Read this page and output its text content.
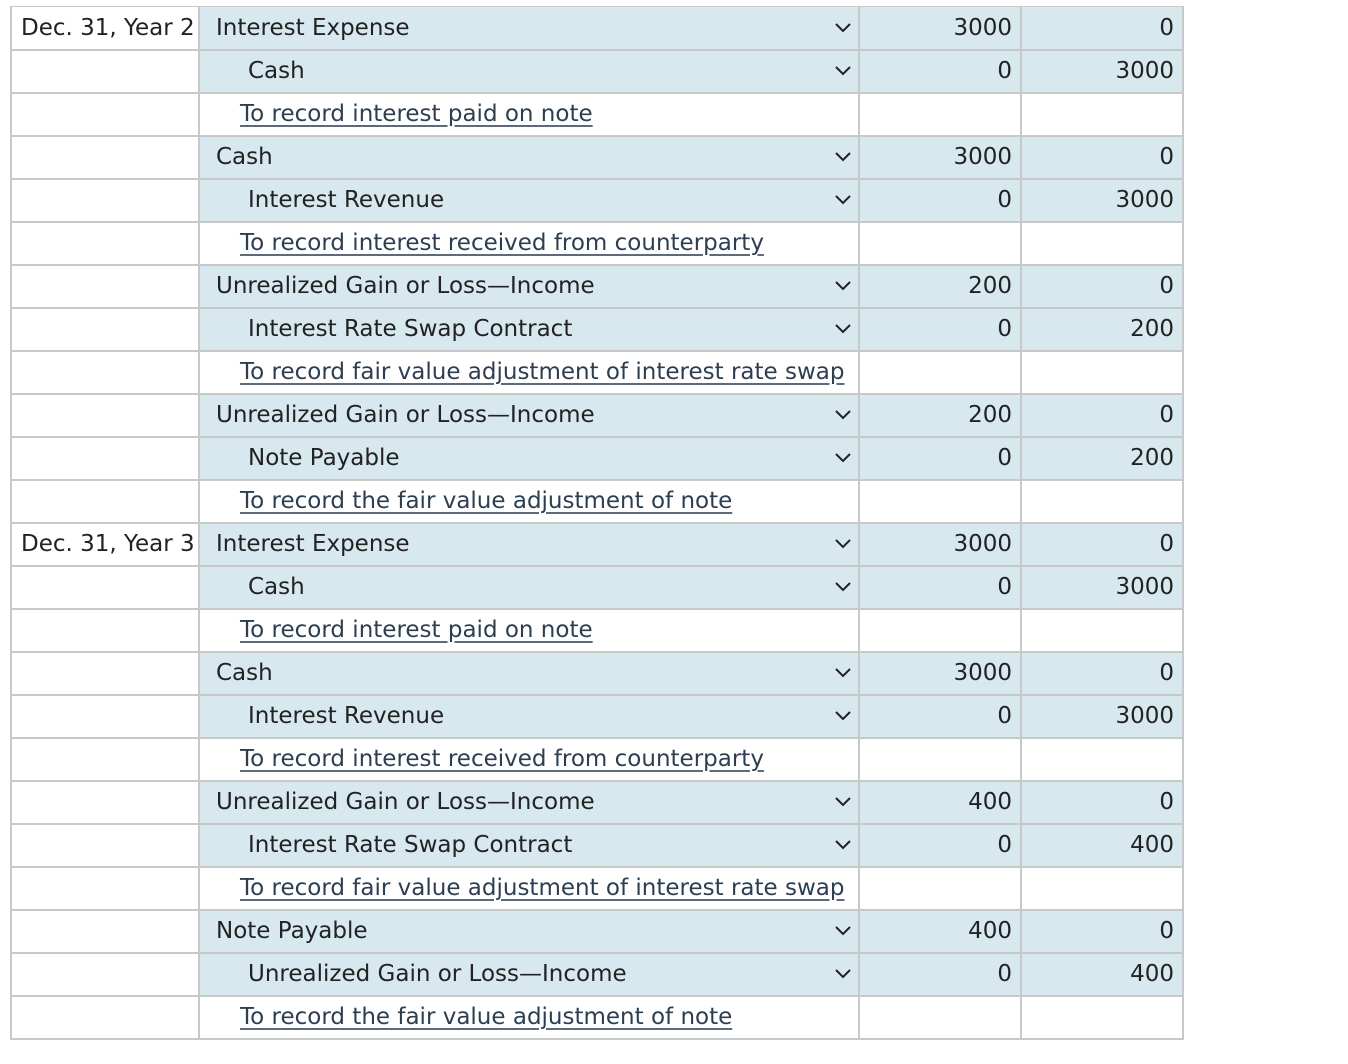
Dec. 31, Year 2	Interest Expense	3000	0

	Cash	0	3000
	To record interest paid on note		

	Cash	3000	0

	Interest Revenue	0	3000
	To record interest received from counterparty		

	Unrealized Gain or Loss—Income	200	0

	Interest Rate Swap Contract	0	200
	To record fair value adjustment of interest rate swap		

	Unrealized Gain or Loss—Income	200	0

	Note Payable	0	200
	To record the fair value adjustment of note		
Dec. 31, Year 3	Interest Expense	3000	0

	Cash	0	3000
	To record interest paid on note		

	Cash	3000	0

	Interest Revenue	0	3000
	To record interest received from counterparty		

	Unrealized Gain or Loss—Income	400	0

	Interest Rate Swap Contract	0	400
	To record fair value adjustment of interest rate swap		

	Note Payable	400	0

	Unrealized Gain or Loss—Income	0	400
	To record the fair value adjustment of note		
